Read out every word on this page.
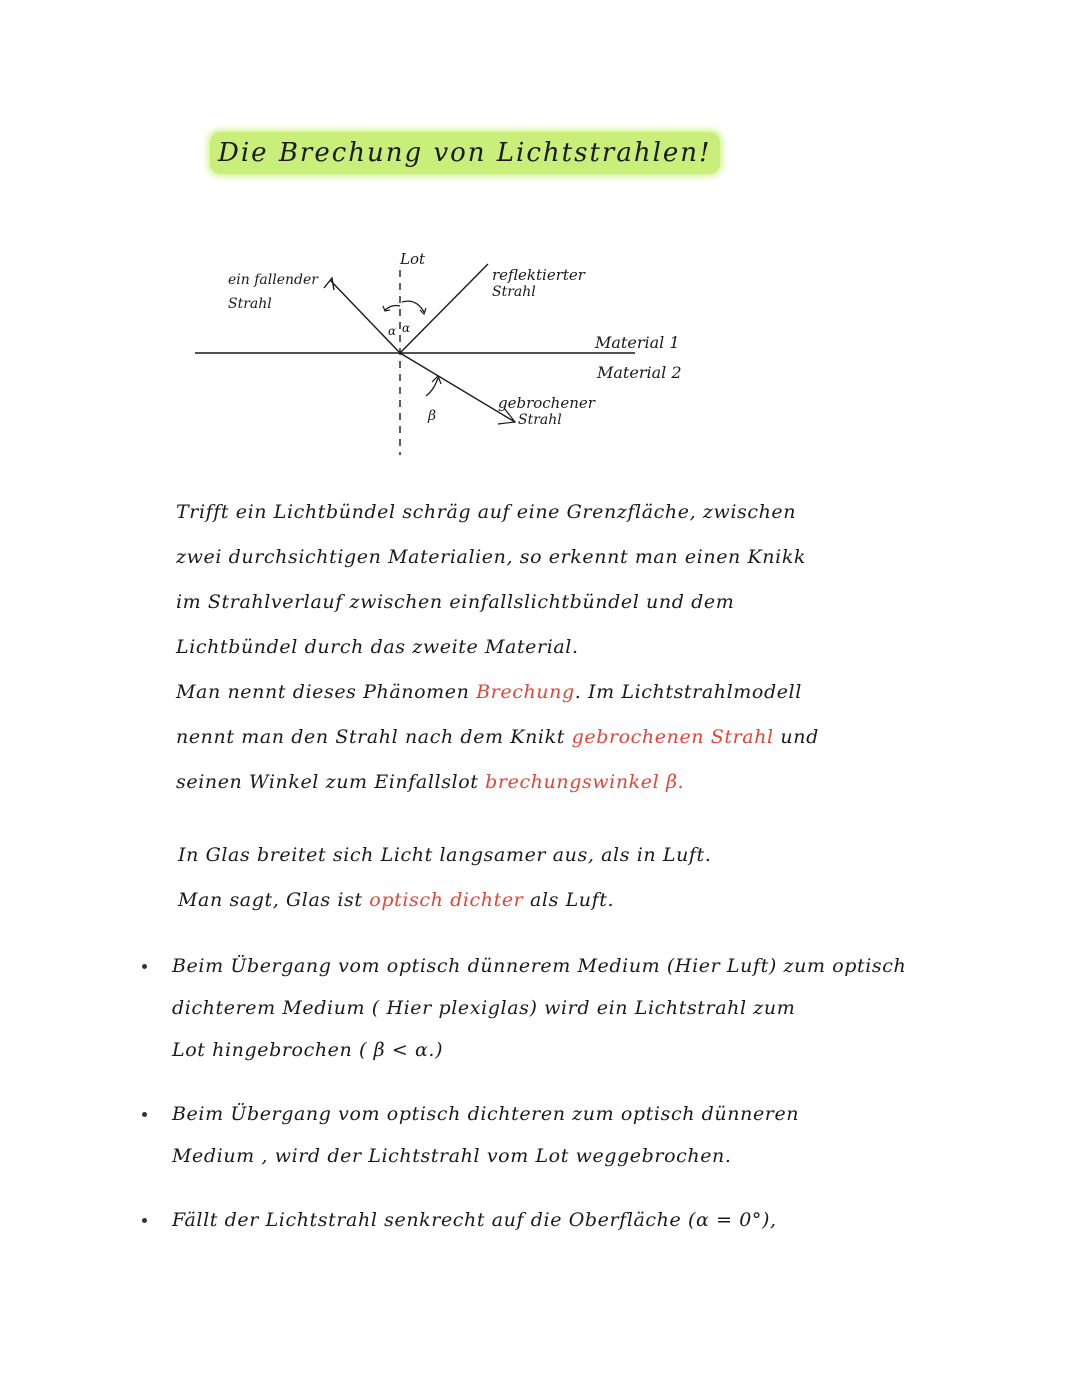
Die Brechung von Lichtstrahlen!
Lot
ein fallender
Strahl
reflektierter
Strahl
Material 1
Material 2
gebrochener
Strahl
α α
β
Trifft ein Lichtbündel schräg auf eine Grenzfläche, zwischen
zwei durchsichtigen Materialien, so erkennt man einen Knikk
im Strahlverlauf zwischen einfallslichtbündel und dem
Lichtbündel durch das zweite Material.
Man nennt dieses Phänomen Brechung. Im Lichtstrahlmodell
nennt man den Strahl nach dem Knikt gebrochenen Strahl und
seinen Winkel zum Einfallslot brechungswinkel β.
In Glas breitet sich Licht langsamer aus, als in Luft.
Man sagt, Glas ist optisch dichter als Luft.
Beim Übergang vom optisch dünnerem Medium (Hier Luft) zum optisch
dichterem Medium ( Hier plexiglas) wird ein Lichtstrahl zum
Lot hingebrochen ( β < α.)
Beim Übergang vom optisch dichteren zum optisch dünneren
Medium , wird der Lichtstrahl vom Lot weggebrochen.
Fällt der Lichtstrahl senkrecht auf die Oberfläche (α = 0°),
